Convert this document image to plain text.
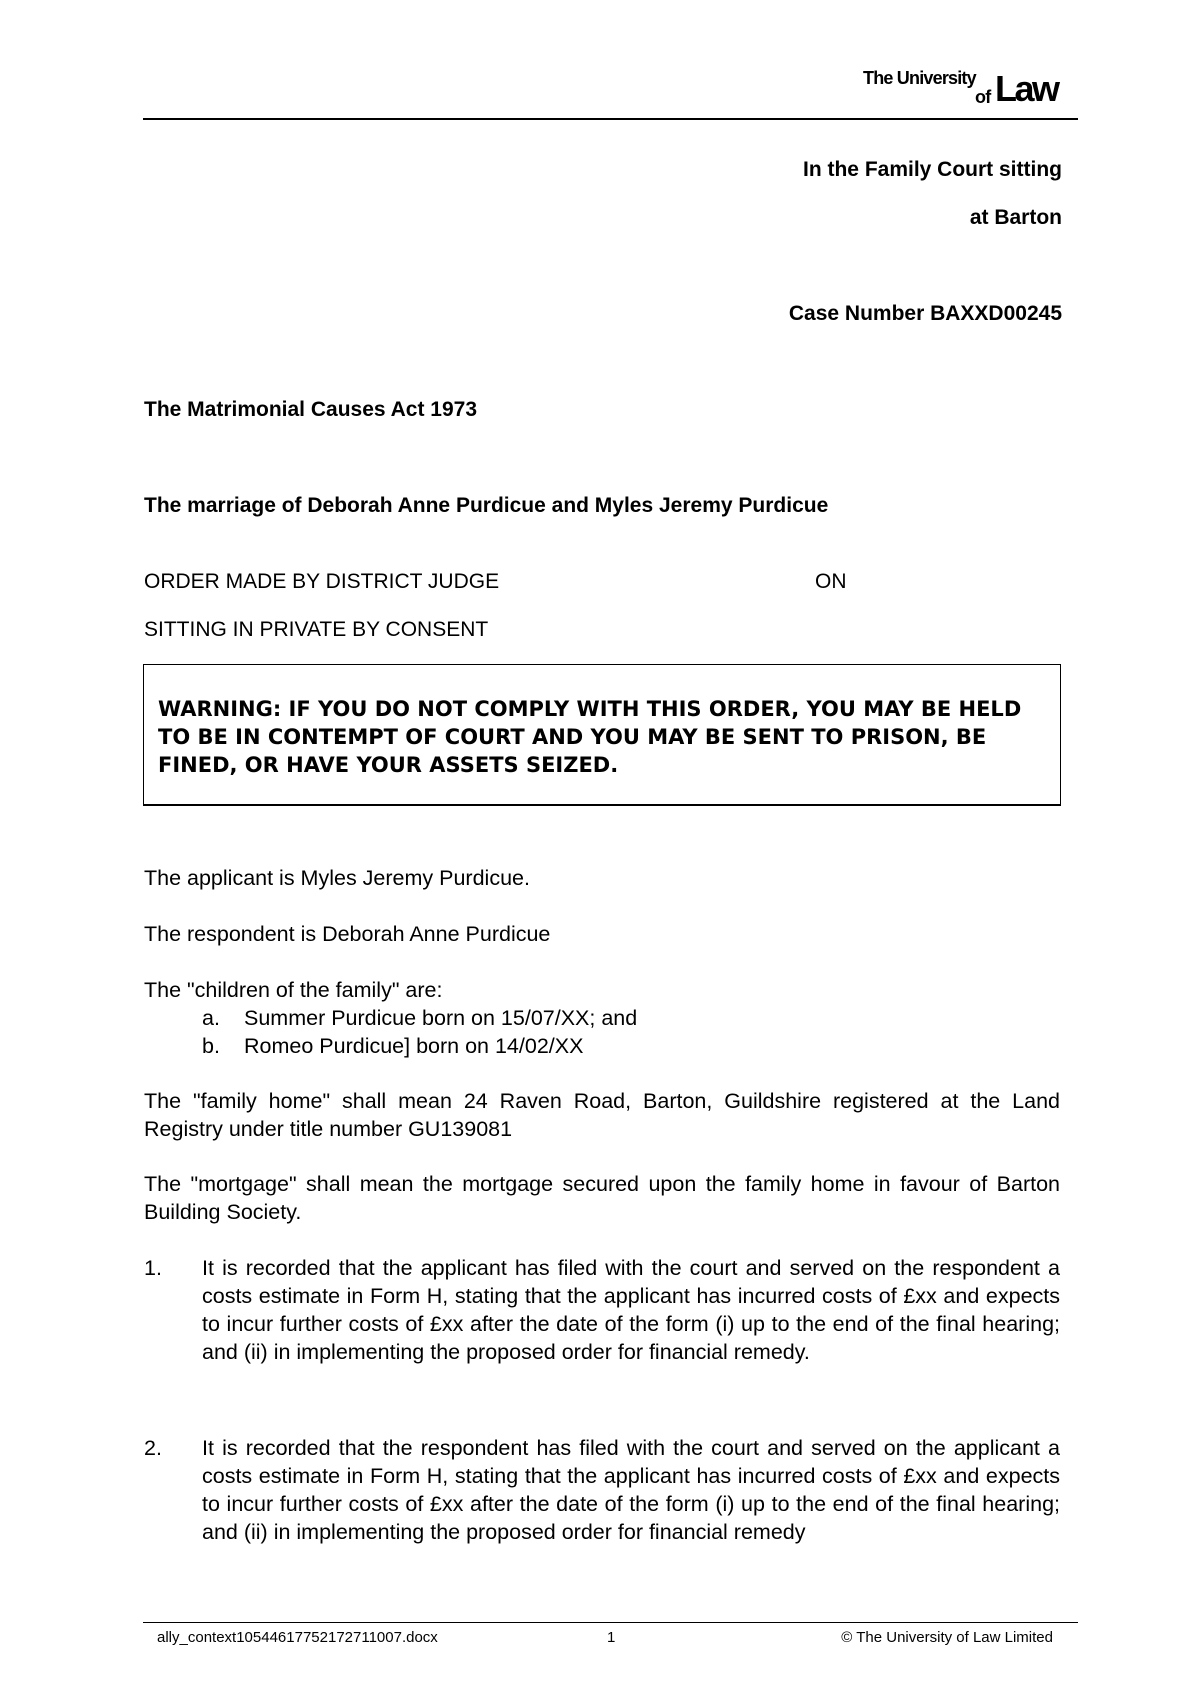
The University
of Law
In the Family Court sitting
at Barton
Case Number BAXXD00245
The Matrimonial Causes Act 1973
The marriage of Deborah Anne Purdicue and Myles Jeremy Purdicue
ORDER MADE BY DISTRICT JUDGE	ON
SITTING IN PRIVATE BY CONSENT
WARNING: IF YOU DO NOT COMPLY WITH THIS ORDER, YOU MAY BE HELD TO BE IN CONTEMPT OF COURT AND YOU MAY BE SENT TO PRISON, BE FINED, OR HAVE YOUR ASSETS SEIZED.
The applicant is Myles Jeremy Purdicue.
The respondent is Deborah Anne Purdicue
The "children of the family" are:
a. Summer Purdicue born on 15/07/XX; and
b. Romeo Purdicue] born on 14/02/XX
The "family home" shall mean 24 Raven Road, Barton, Guildshire registered at the Land Registry under title number GU139081
The "mortgage" shall mean the mortgage secured upon the family home in favour of Barton Building Society.
1. It is recorded that the applicant has filed with the court and served on the respondent a costs estimate in Form H, stating that the applicant has incurred costs of £xx and expects to incur further costs of £xx after the date of the form (i) up to the end of the final hearing; and (ii) in implementing the proposed order for financial remedy.
2. It is recorded that the respondent has filed with the court and served on the applicant a costs estimate in Form H, stating that the applicant has incurred costs of £xx and expects to incur further costs of £xx after the date of the form (i) up to the end of the final hearing; and (ii) in implementing the proposed order for financial remedy
ally_context10544617752172711007.docx	1	© The University of Law Limited
